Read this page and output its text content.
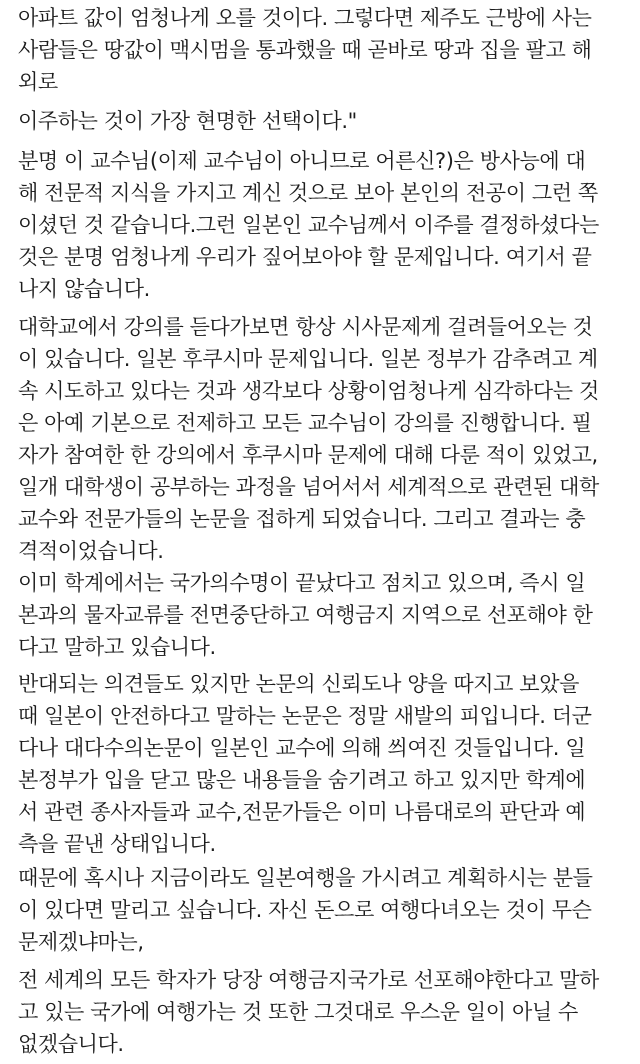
아파트 값이 엄청나게 오를 것이다. 그렇다면 제주도 근방에 사는
사람들은 땅값이 맥시멈을 통과했을 때 곧바로 땅과 집을 팔고 해
외로

이주하는 것이 가장 현명한 선택이다."

분명 이 교수님(이제 교수님이 아니므로 어른신?)은 방사능에 대
해 전문적 지식을 가지고 계신 것으로 보아 본인의 전공이 그런 쪽
이셨던 것 같습니다.그런 일본인 교수님께서 이주를 결정하셨다는
것은 분명 엄청나게 우리가 짚어보아야 할 문제입니다. 여기서 끝
나지 않습니다.

대학교에서 강의를 듣다가보면 항상 시사문제게 걸려들어오는 것
이 있습니다. 일본 후쿠시마 문제입니다. 일본 정부가 감추려고 계
속 시도하고 있다는 것과 생각보다 상황이엄청나게 심각하다는 것
은 아예 기본으로 전제하고 모든 교수님이 강의를 진행합니다. 필
자가 참여한 한 강의에서 후쿠시마 문제에 대해 다룬 적이 있었고,
일개 대학생이 공부하는 과정을 넘어서서 세계적으로 관련된 대학
교수와 전문가들의 논문을 접하게 되었습니다. 그리고 결과는 충
격적이었습니다.

이미 학계에서는 국가의수명이 끝났다고 점치고 있으며, 즉시 일
본과의 물자교류를 전면중단하고 여행금지 지역으로 선포해야 한
다고 말하고 있습니다.

반대되는 의견들도 있지만 논문의 신뢰도나 양을 따지고 보았을
때 일본이 안전하다고 말하는 논문은 정말 새발의 피입니다. 더군
다나 대다수의논문이 일본인 교수에 의해 씌여진 것들입니다. 일
본정부가 입을 닫고 많은 내용들을 숨기려고 하고 있지만 학계에
서 관련 종사자들과 교수,전문가들은 이미 나름대로의 판단과 예
측을 끝낸 상태입니다.

때문에 혹시나 지금이라도 일본여행을 가시려고 계획하시는 분들
이 있다면 말리고 싶습니다. 자신 돈으로 여행다녀오는 것이 무슨
문제겠냐마는,

전 세계의 모든 학자가 당장 여행금지국가로 선포해야한다고 말하
고 있는 국가에 여행가는 것 또한 그것대로 우스운 일이 아닐 수
없겠습니다.
